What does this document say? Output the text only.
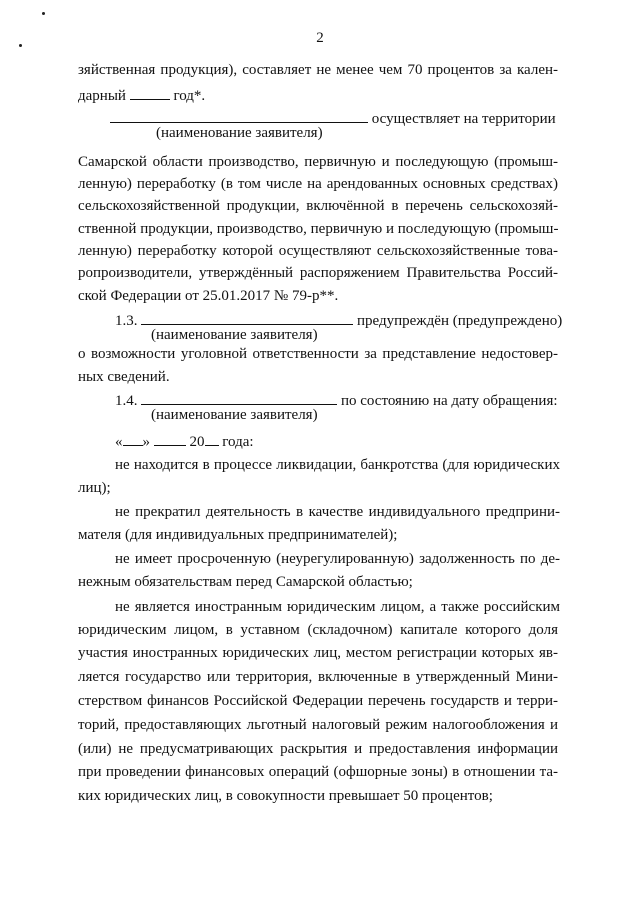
2
зяйственная продукция), составляет не менее чем 70 процентов за кален-
дарный	год*.
осуществляет на территории
(наименование заявителя)
Самарской области производство, первичную и последующую (промыш-
ленную) переработку (в том числе на арендованных основных средствах)
сельскохозяйственной продукции, включённой в перечень сельскохозяй-
ственной продукции, производство, первичную и последующую (промыш-
ленную) переработку которой осуществляют сельскохозяйственные това-
ропроизводители, утверждённый распоряжением Правительства Россий-
ской Федерации от 25.01.2017 № 79-р**.
1.3.	предупреждён (предупреждено)
(наименование заявителя)
о возможности уголовной ответственности за представление недостовер-
ных сведений.
1.4.	по состоянию на дату обращения:
(наименование заявителя)
« »	20 года:
не находится в процессе ликвидации, банкротства (для юридических
лиц);
не прекратил деятельность в качестве индивидуального предприни-
мателя (для индивидуальных предпринимателей);
не имеет просроченную (неурегулированную) задолженность по де-
нежным обязательствам перед Самарской областью;
не является иностранным юридическим лицом, а также российским
юридическим лицом, в уставном (складочном) капитале которого доля
участия иностранных юридических лиц, местом регистрации которых яв-
ляется государство или территория, включенные в утвержденный Мини-
стерством финансов Российской Федерации перечень государств и терри-
торий, предоставляющих льготный налоговый режим налогообложения и
(или) не предусматривающих раскрытия и предоставления информации
при проведении финансовых операций (офшорные зоны) в отношении та-
ких юридических лиц, в совокупности превышает 50 процентов;
